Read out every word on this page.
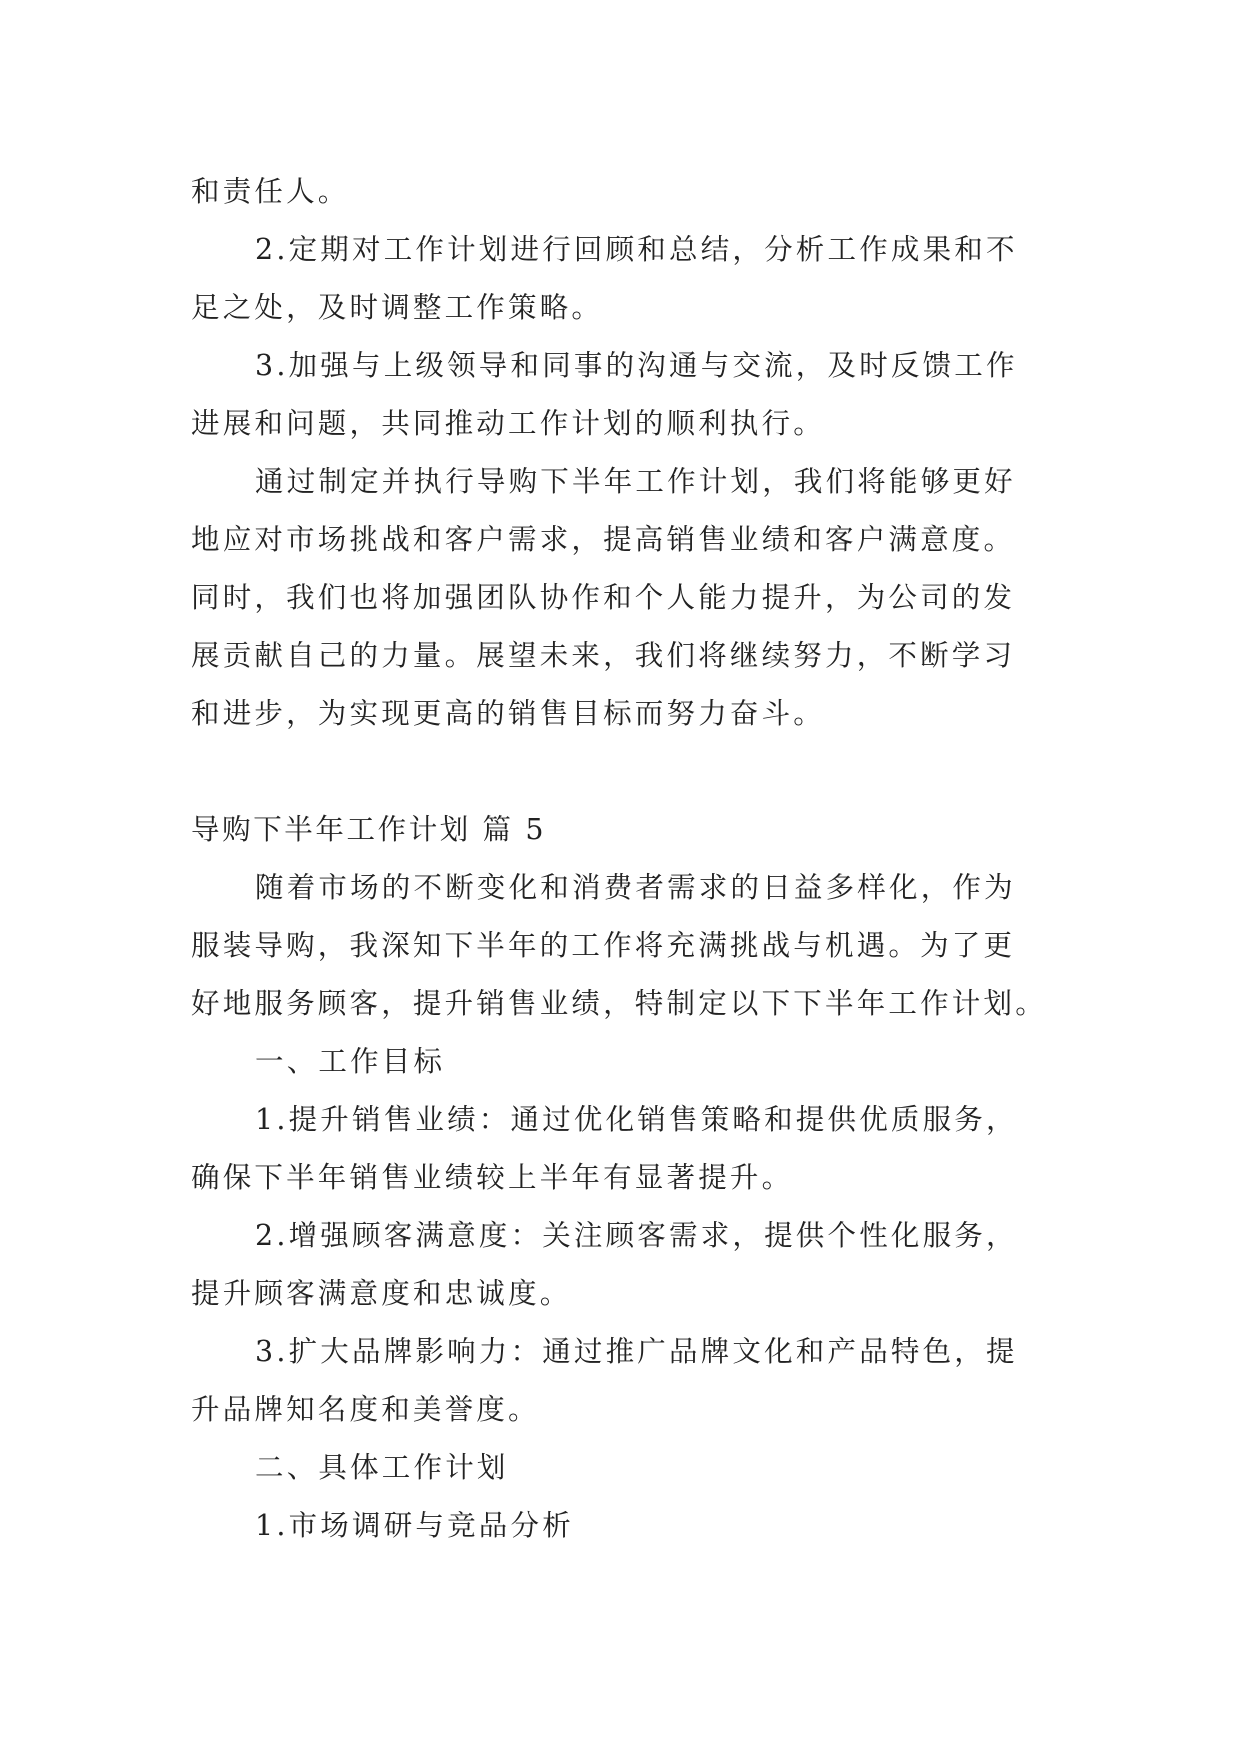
和责任人。

2.定期对工作计划进行回顾和总结，分析工作成果和不

足之处，及时调整工作策略。

3.加强与上级领导和同事的沟通与交流，及时反馈工作

进展和问题，共同推动工作计划的顺利执行。

通过制定并执行导购下半年工作计划，我们将能够更好

地应对市场挑战和客户需求，提高销售业绩和客户满意度。

同时，我们也将加强团队协作和个人能力提升，为公司的发

展贡献自己的力量。展望未来，我们将继续努力，不断学习

和进步，为实现更高的销售目标而努力奋斗。

导购下半年工作计划 篇 5

随着市场的不断变化和消费者需求的日益多样化，作为

服装导购，我深知下半年的工作将充满挑战与机遇。为了更

好地服务顾客，提升销售业绩，特制定以下下半年工作计划。

一、工作目标

1.提升销售业绩：通过优化销售策略和提供优质服务，

确保下半年销售业绩较上半年有显著提升。

2.增强顾客满意度：关注顾客需求，提供个性化服务，

提升顾客满意度和忠诚度。

3.扩大品牌影响力：通过推广品牌文化和产品特色，提

升品牌知名度和美誉度。

二、具体工作计划

1.市场调研与竞品分析
